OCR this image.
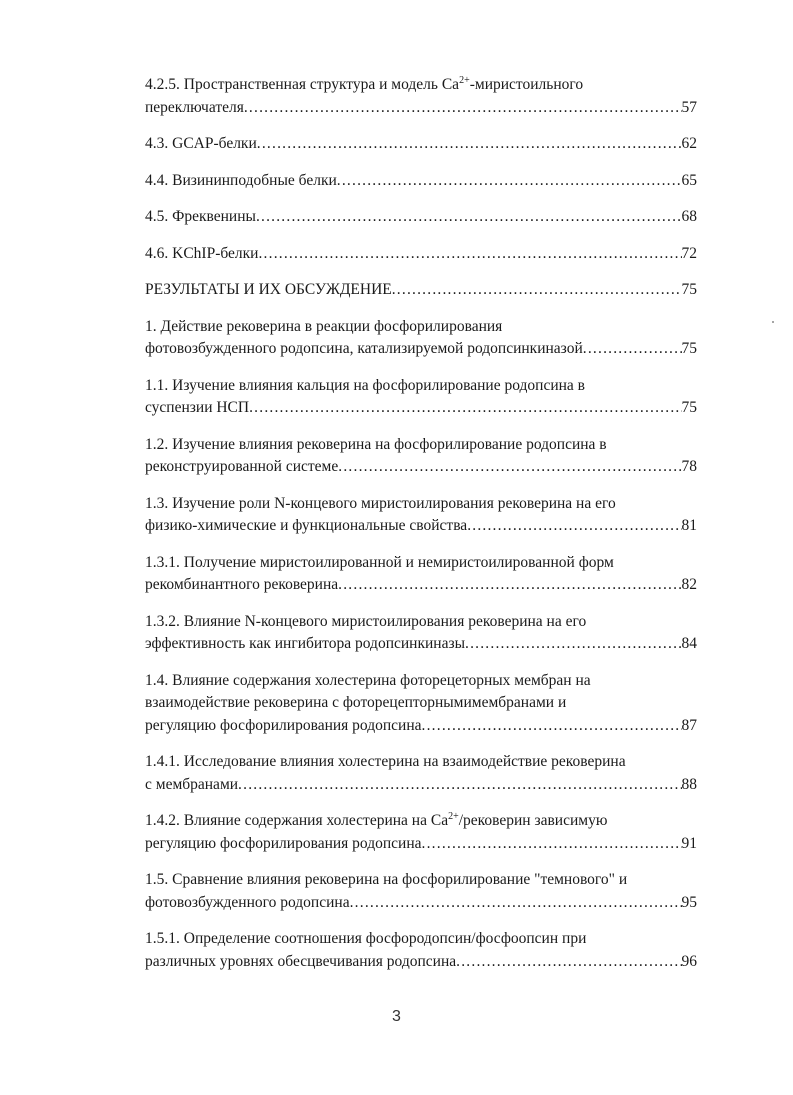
4.2.5. Пространственная структура и модель $Ca^{2+}$-миристоильного
переключателя .....	57
4.3. GCAP-белки .....	62
4.4. Визининподобные белки .....	65
4.5. Фреквенины .....	68
4.6. KChIP-белки .....	72
РЕЗУЛЬТАТЫ И ИХ ОБСУЖДЕНИЕ .....	75
1. Действие рековерина в реакции фосфорилирования
фотовозбужденного родопсина, катализируемой родопсинкиназой .....	75
1.1. Изучение влияния кальция на фосфорилирование родопсина в
суспензии НСП .....	75
1.2. Изучение влияния рековерина на фосфорилирование родопсина в
реконструированной системе .....	78
1.3. Изучение роли N-концевого миристоилирования рековерина на его
физико-химические и функциональные свойства .....	81
1.3.1. Получение миристоилированной и немиристоилированной форм
рекомбинантного рековерина .....	82
1.3.2. Влияние N-концевого миристоилирования рековерина на его
эффективность как ингибитора родопсинкиназы .....	84
1.4. Влияние содержания холестерина фоторецеторных мембран на
взаимодействие рековерина с фоторецепторнымимембранами и
регуляцию фосфорилирования родопсина .....	87
1.4.1. Исследование влияния холестерина на взаимодействие рековерина
с мембранами .....	88
1.4.2. Влияние содержания холестерина на $Ca^{2+}$/рековерин зависимую
регуляцию фосфорилирования родопсина .....	91
1.5. Сравнение влияния рековерина на фосфорилирование "темнового" и
фотовозбужденного родопсина .....	95
1.5.1. Определение соотношения фосфородопсин/фосфоопсин при
различных уровнях обесцвечивания родопсина .....	96
3
